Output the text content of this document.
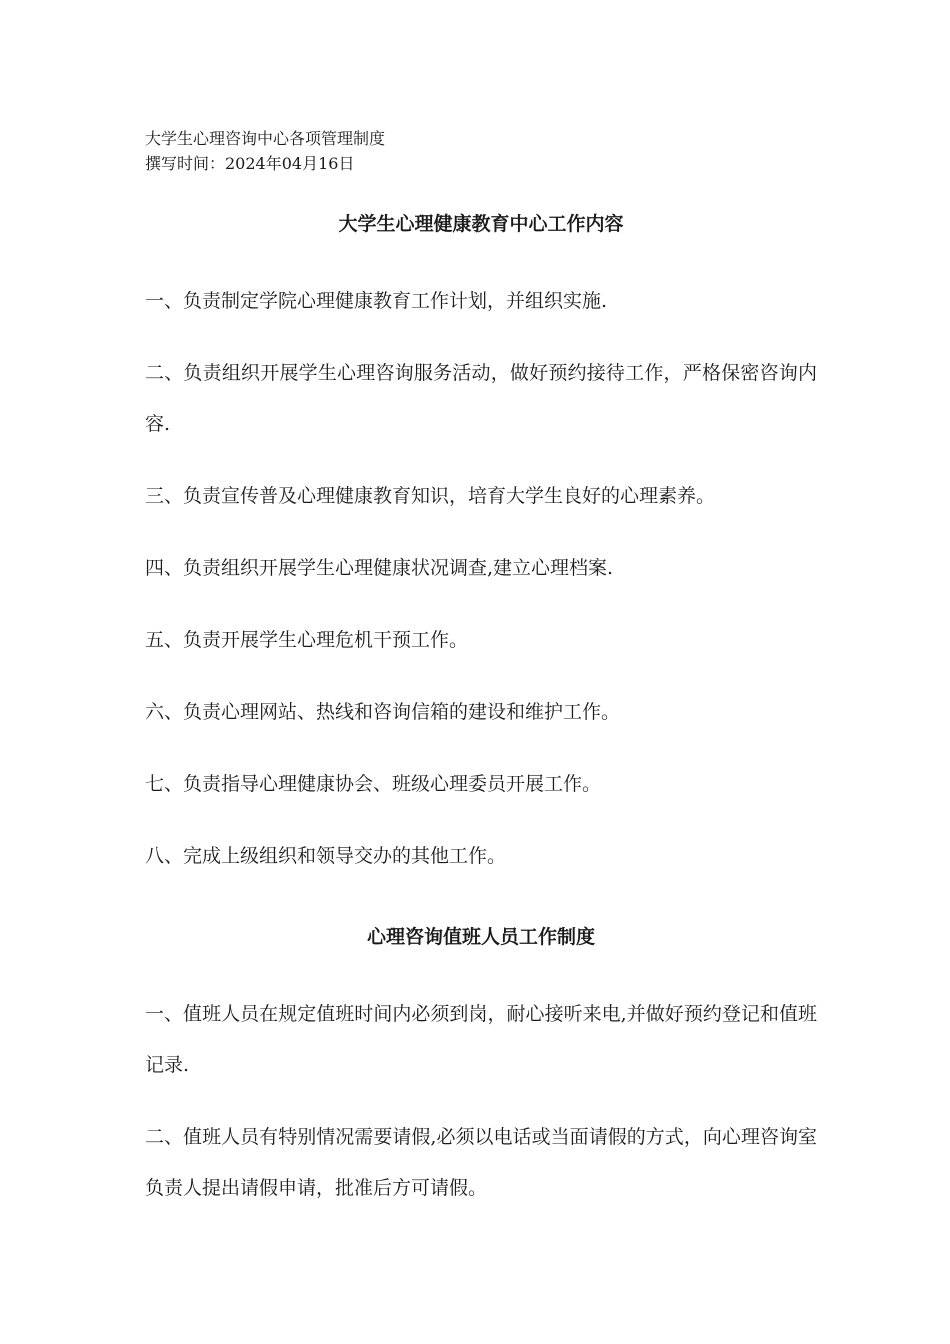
大学生心理咨询中心各项管理制度
撰写时间：2024年04月16日
大学生心理健康教育中心工作内容

一、负责制定学院心理健康教育工作计划，并组织实施.

二、负责组织开展学生心理咨询服务活动，做好预约接待工作，严格保密咨询内容.

三、负责宣传普及心理健康教育知识，培育大学生良好的心理素养。

四、负责组织开展学生心理健康状况调查,建立心理档案.

五、负责开展学生心理危机干预工作。

六、负责心理网站、热线和咨询信箱的建设和维护工作。

七、负责指导心理健康协会、班级心理委员开展工作。

八、完成上级组织和领导交办的其他工作。

心理咨询值班人员工作制度

一、值班人员在规定值班时间内必须到岗，耐心接听来电,并做好预约登记和值班记录.

二、值班人员有特别情况需要请假,必须以电话或当面请假的方式，向心理咨询室负责人提出请假申请，批准后方可请假。
